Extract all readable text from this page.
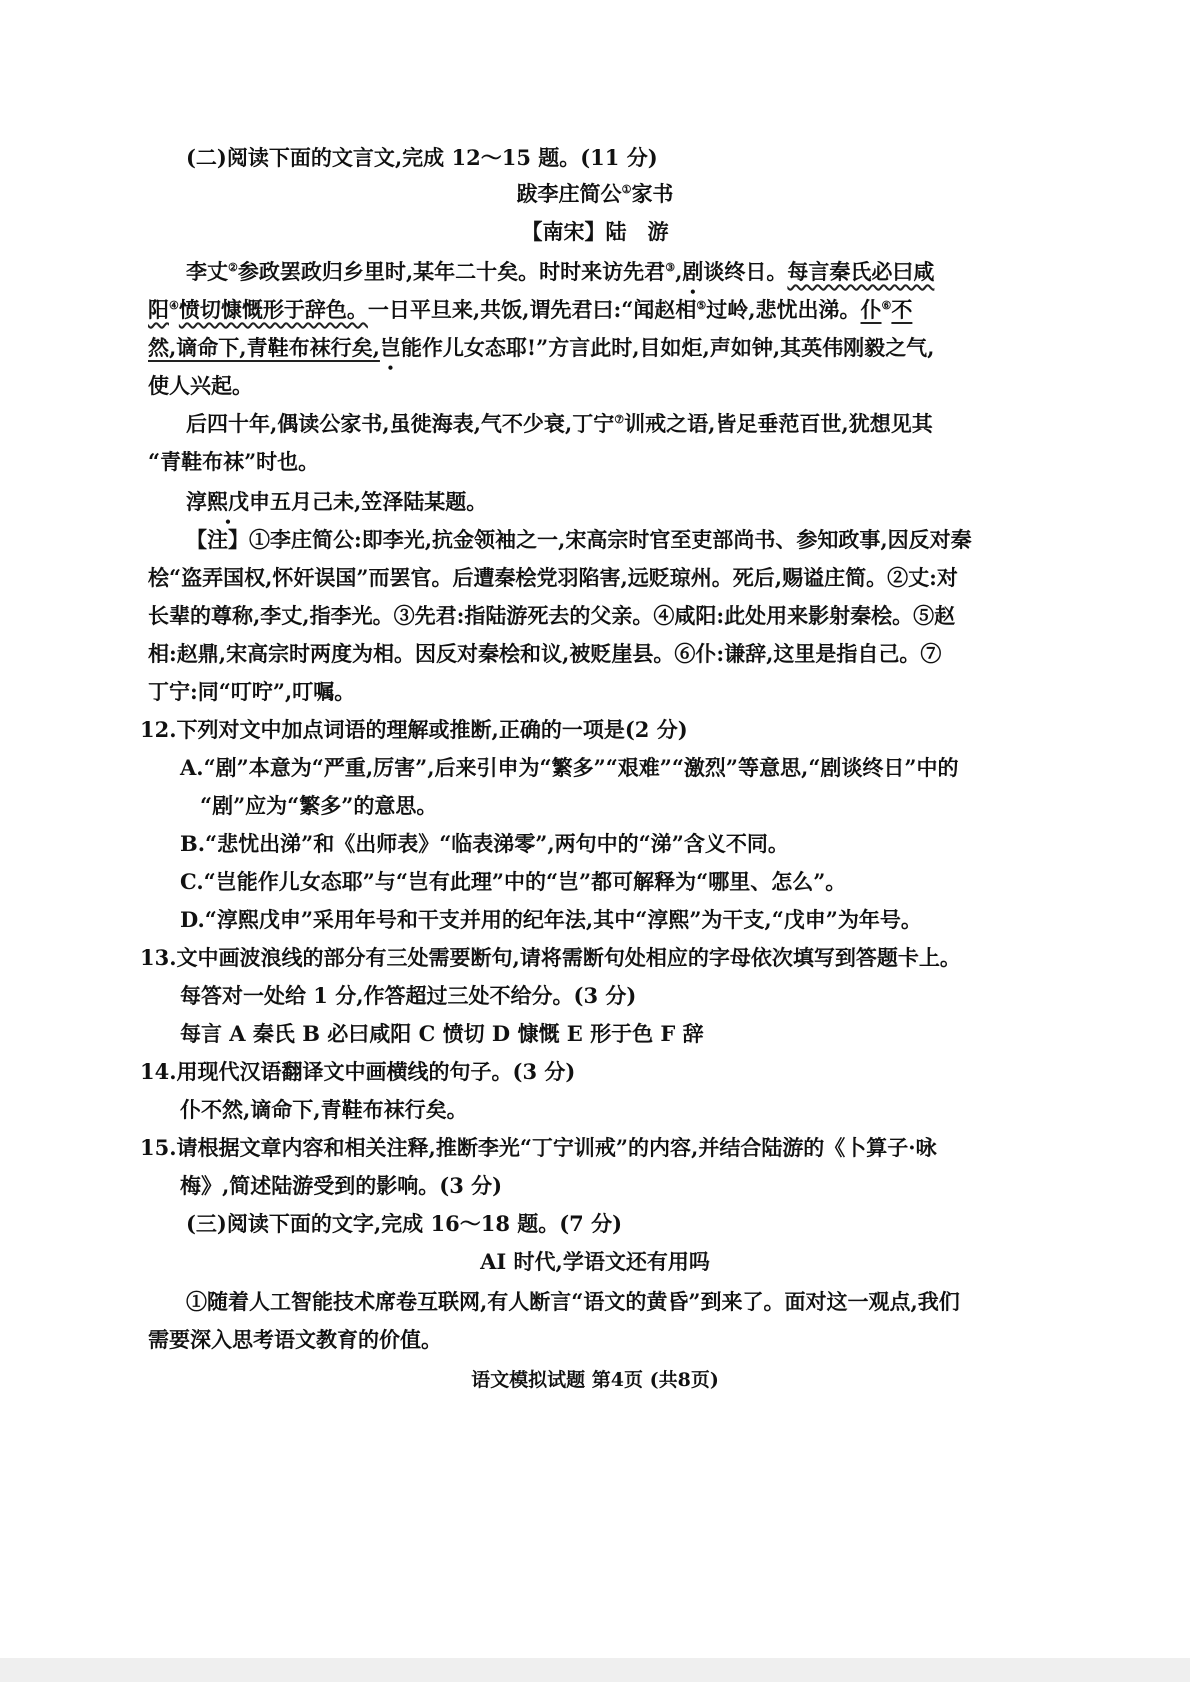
(二)阅读下面的文言文,完成 12～15 题。(11 分)
跋李庄简公①家书
【南宋】陆　游
李丈②参政罢政归乡里时,某年二十矣。时时来访先君③,剧谈终日。每言秦氏必曰咸
阳④愤切慷慨形于辞色。一日平旦来,共饭,谓先君曰:“闻赵相⑤过岭,悲忧出涕。仆⑥不
然,谪命下,青鞋布袜行矣,岂能作儿女态耶!”方言此时,目如炬,声如钟,其英伟刚毅之气,
使人兴起。
后四十年,偶读公家书,虽徙海表,气不少衰,丁宁⑦训戒之语,皆足垂范百世,犹想见其
“青鞋布袜”时也。
淳熙戊申五月己未,笠泽陆某题。
【注】①李庄简公:即李光,抗金领袖之一,宋高宗时官至吏部尚书、参知政事,因反对秦
桧“盗弄国权,怀奸误国”而罢官。后遭秦桧党羽陷害,远贬琼州。死后,赐谥庄简。②丈:对
长辈的尊称,李丈,指李光。③先君:指陆游死去的父亲。④咸阳:此处用来影射秦桧。⑤赵
相:赵鼎,宋高宗时两度为相。因反对秦桧和议,被贬崖县。⑥仆:谦辞,这里是指自己。⑦
丁宁:同“叮咛”,叮嘱。
12.下列对文中加点词语的理解或推断,正确的一项是(2 分)
A.“剧”本意为“严重,厉害”,后来引申为“繁多”“艰难”“激烈”等意思,“剧谈终日”中的
“剧”应为“繁多”的意思。
B.“悲忧出涕”和《出师表》“临表涕零”,两句中的“涕”含义不同。
C.“岂能作儿女态耶”与“岂有此理”中的“岂”都可解释为“哪里、怎么”。
D.“淳熙戊申”采用年号和干支并用的纪年法,其中“淳熙”为干支,“戊申”为年号。
13.文中画波浪线的部分有三处需要断句,请将需断句处相应的字母依次填写到答题卡上。
每答对一处给 1 分,作答超过三处不给分。(3 分)
每言 A 秦氏 B 必曰咸阳 C 愤切 D 慷慨 E 形于色 F 辞
14.用现代汉语翻译文中画横线的句子。(3 分)
仆不然,谪命下,青鞋布袜行矣。
15.请根据文章内容和相关注释,推断李光“丁宁训戒”的内容,并结合陆游的《卜算子·咏
梅》,简述陆游受到的影响。(3 分)
(三)阅读下面的文字,完成 16～18 题。(7 分)
AI 时代,学语文还有用吗
①随着人工智能技术席卷互联网,有人断言“语文的黄昏”到来了。面对这一观点,我们
需要深入思考语文教育的价值。
语文模拟试题 第4页 (共8页)
